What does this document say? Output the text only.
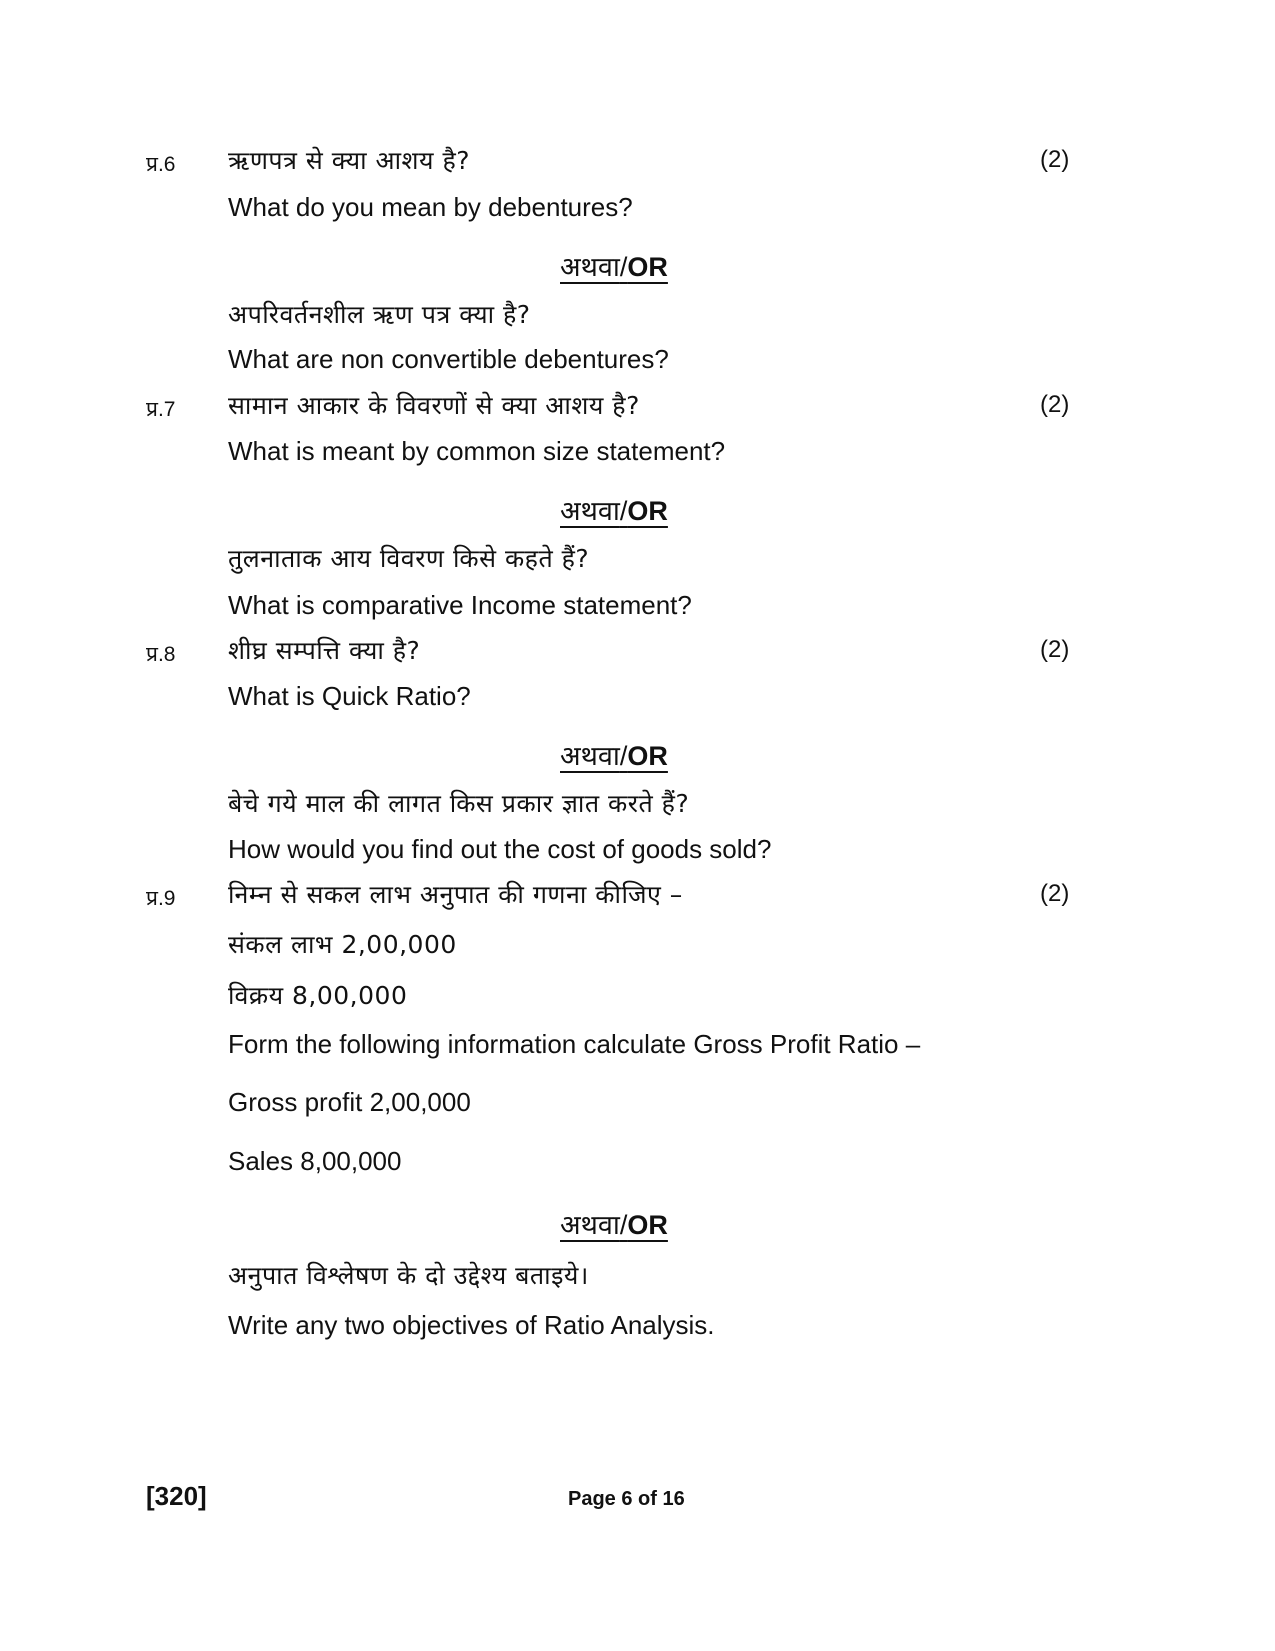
प्र.6 ऋणपत्र से क्या आशय है?	(2)
What do you mean by debentures?
अथवा/OR
अपरिवर्तनशील ऋण पत्र क्या है?
What are non convertible debentures?
प्र.7 सामान आकार के विवरणों से क्या आशय है?	(2)
What is meant by common size statement?
अथवा/OR
तुलनाताक आय विवरण किसे कहते हैं?
What is comparative Income statement?
प्र.8 शीघ्र सम्पत्ति क्या है?	(2)
What is Quick Ratio?
अथवा/OR
बेचे गये माल की लागत किस प्रकार ज्ञात करते हैं?
How would you find out the cost of goods sold?
प्र.9 निम्न से सकल लाभ अनुपात की गणना कीजिए –	(2)
संकल लाभ 2,00,000
विक्रय 8,00,000
Form the following information calculate Gross Profit Ratio –
Gross profit 2,00,000
Sales 8,00,000
अथवा/OR
अनुपात विश्लेषण के दो उद्देश्य बताइये।
Write any two objectives of Ratio Analysis.
[320]	Page 6 of 16
